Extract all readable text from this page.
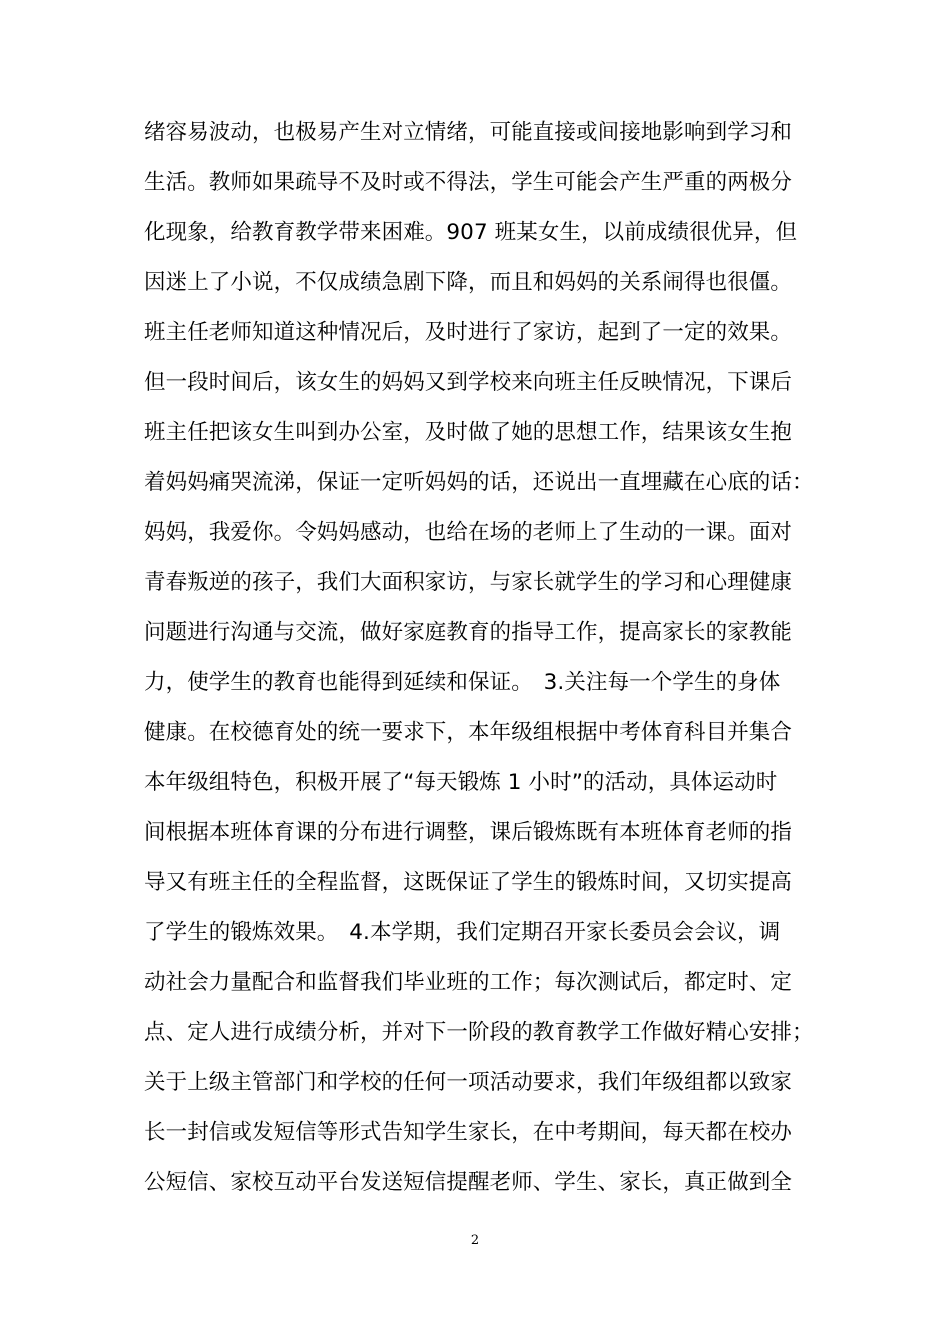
绪容易波动，也极易产生对立情绪，可能直接或间接地影响到学习和
生活。教师如果疏导不及时或不得法，学生可能会产生严重的两极分
化现象，给教育教学带来困难。907 班某女生，以前成绩很优异，但
因迷上了小说，不仅成绩急剧下降，而且和妈妈的关系闹得也很僵。
班主任老师知道这种情况后，及时进行了家访，起到了一定的效果。
但一段时间后，该女生的妈妈又到学校来向班主任反映情况，下课后
班主任把该女生叫到办公室，及时做了她的思想工作，结果该女生抱
着妈妈痛哭流涕，保证一定听妈妈的话，还说出一直埋藏在心底的话：
妈妈，我爱你。令妈妈感动，也给在场的老师上了生动的一课。面对
青春叛逆的孩子，我们大面积家访，与家长就学生的学习和心理健康
问题进行沟通与交流，做好家庭教育的指导工作，提高家长的家教能
力，使学生的教育也能得到延续和保证。　3.关注每一个学生的身体
健康。在校德育处的统一要求下，本年级组根据中考体育科目并集合
本年级组特色，积极开展了“每天锻炼 1 小时”的活动，具体运动时
间根据本班体育课的分布进行调整，课后锻炼既有本班体育老师的指
导又有班主任的全程监督，这既保证了学生的锻炼时间，又切实提高
了学生的锻炼效果。　4.本学期，我们定期召开家长委员会会议，调
动社会力量配合和监督我们毕业班的工作；每次测试后，都定时、定
点、定人进行成绩分析，并对下一阶段的教育教学工作做好精心安排；
关于上级主管部门和学校的任何一项活动要求，我们年级组都以致家
长一封信或发短信等形式告知学生家长，在中考期间，每天都在校办
公短信、家校互动平台发送短信提醒老师、学生、家长，真正做到全
2
